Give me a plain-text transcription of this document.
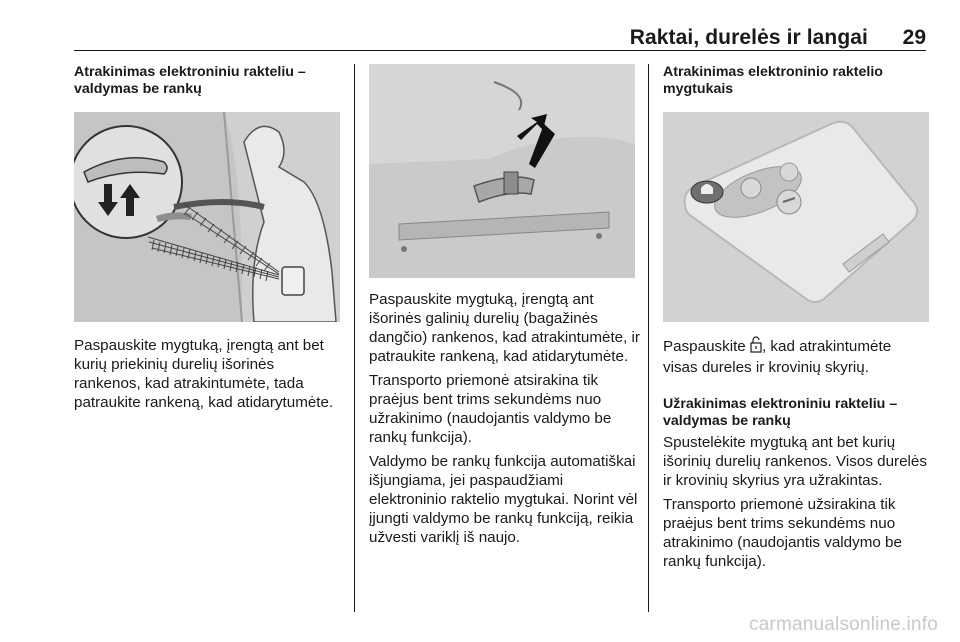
Raktai, durelės ir langai 29
Atrakinimas elektroniniu rakteliu – valdymas be rankų

Paspauskite mygtuką, įrengtą ant bet kurių priekinių durelių išorinės rankenos, kad atrakintumėte, tada patraukite rankeną, kad atidarytumėte.

Paspauskite mygtuką, įrengtą ant išorinės galinių durelių (bagažinės dangčio) rankenos, kad atrakintumėte, ir patraukite rankeną, kad atidarytumėte.

Transporto priemonė atsirakina tik praėjus bent trims sekundėms nuo užrakinimo (naudojantis valdymo be rankų funkcija).

Valdymo be rankų funkcija automatiškai išjungiama, jei paspaudžiami elektroninio raktelio mygtukai. Norint vėl įjungti valdymo be rankų funkciją, reikia užvesti variklį iš naujo.

Atrakinimas elektroninio raktelio mygtukais

Paspauskite , kad atrakintumėte visas dureles ir krovinių skyrių.

Užrakinimas elektroniniu rakteliu – valdymas be rankų

Spustelėkite mygtuką ant bet kurių išorinių durelių rankenos. Visos durelės ir krovinių skyrius yra užrakintas.

Transporto priemonė užsirakina tik praėjus bent trims sekundėms nuo atrakinimo (naudojantis valdymo be rankų funkcija).

carmanualsonline.info
